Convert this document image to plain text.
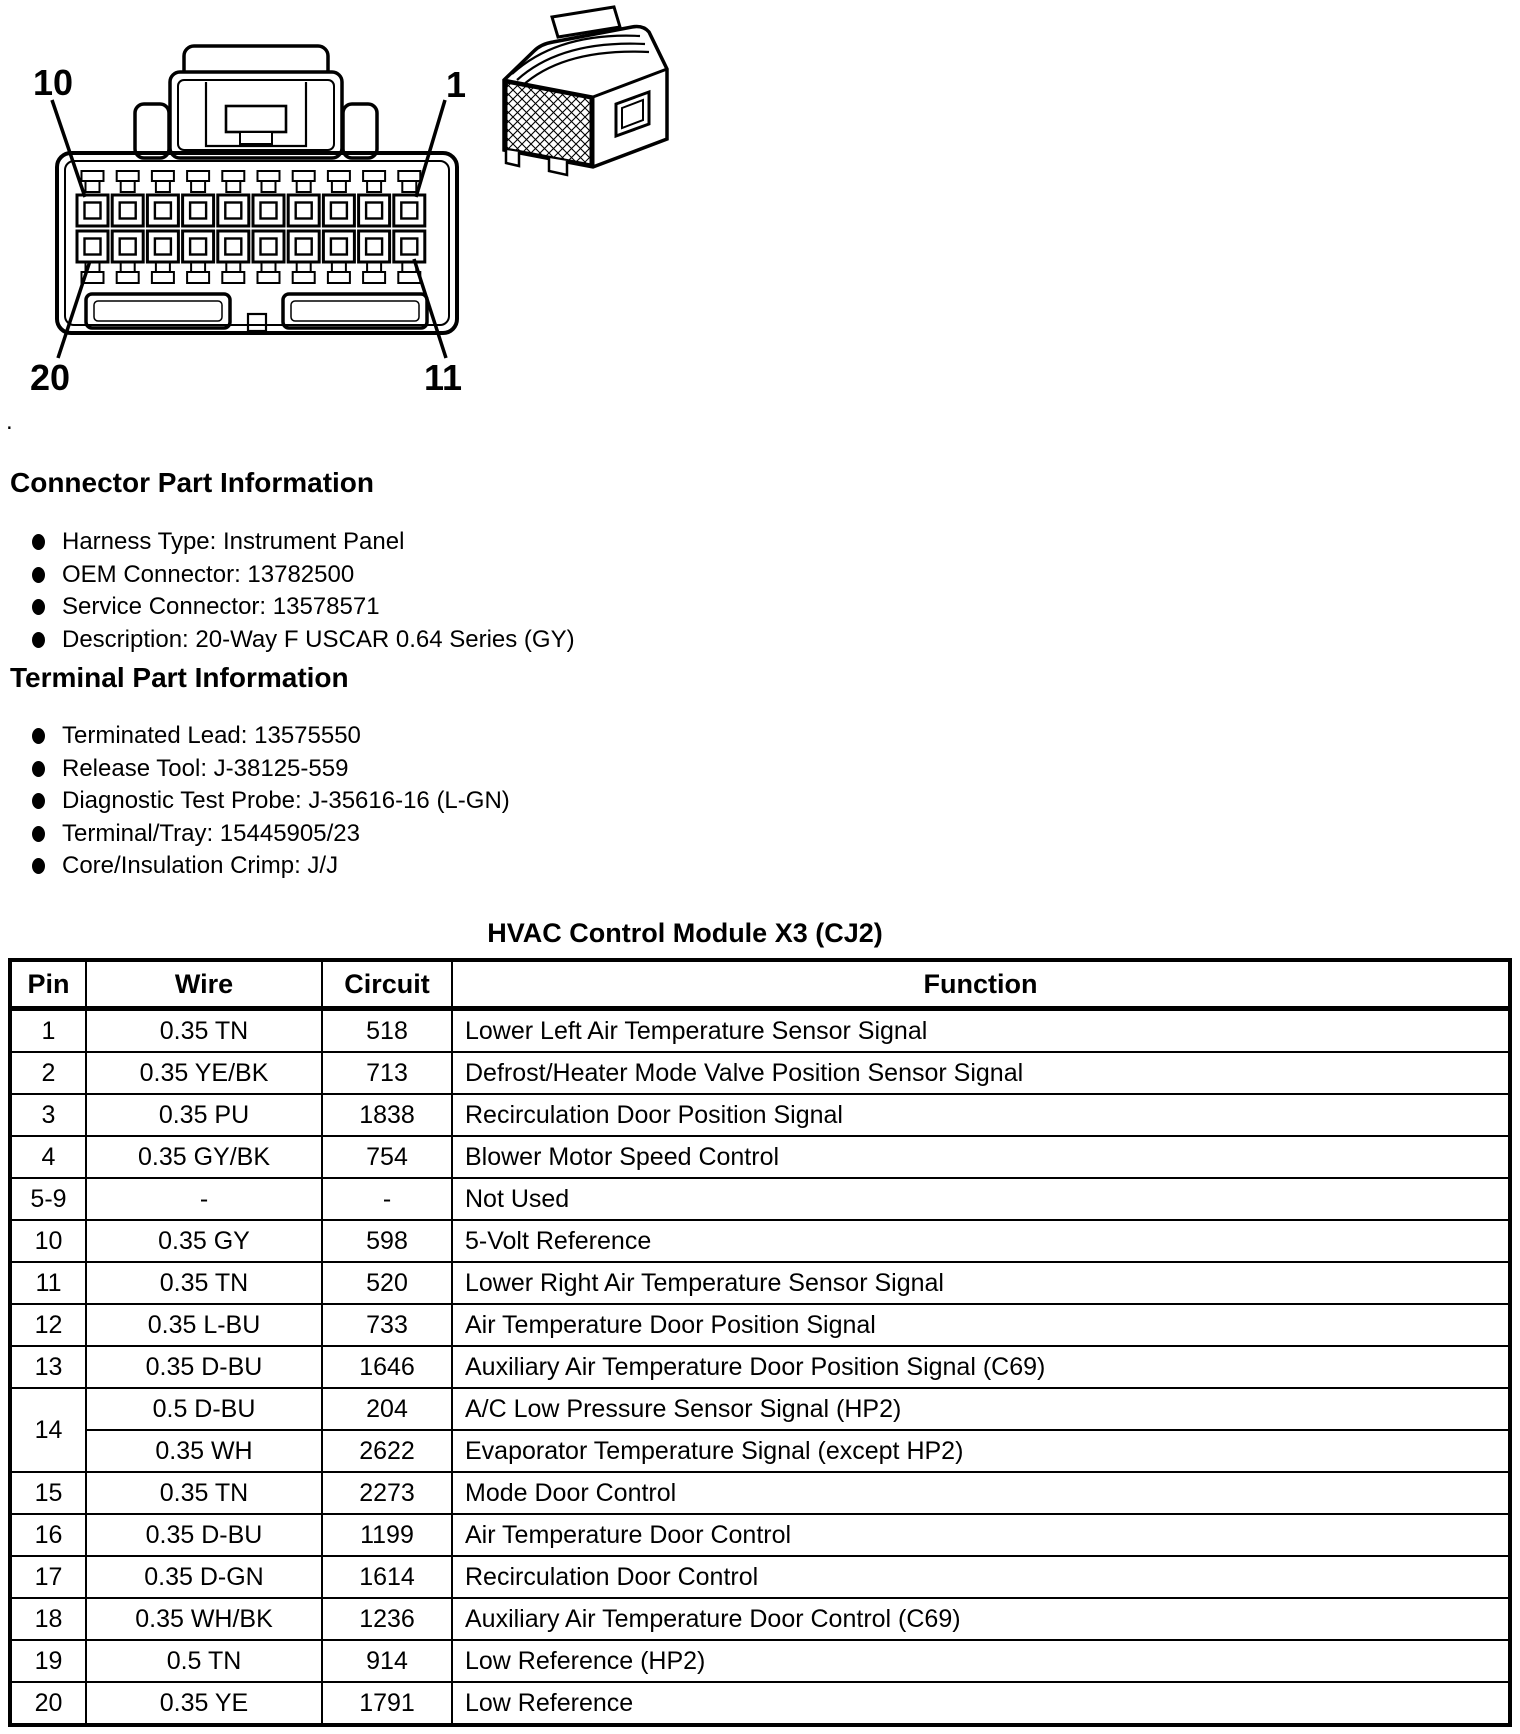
10	1
20	11
.
Connector Part Information
Harness Type: Instrument Panel
OEM Connector: 13782500
Service Connector: 13578571
Description: 20-Way F USCAR 0.64 Series (GY)
Terminal Part Information
Terminated Lead: 13575550
Release Tool: J-38125-559
Diagnostic Test Probe: J-35616-16 (L-GN)
Terminal/Tray: 15445905/23
Core/Insulation Crimp: J/J
HVAC Control Module X3 (CJ2)
Pin	Wire	Circuit	Function
1	0.35 TN	518	Lower Left Air Temperature Sensor Signal
2	0.35 YE/BK	713	Defrost/Heater Mode Valve Position Sensor Signal
3	0.35 PU	1838	Recirculation Door Position Signal
4	0.35 GY/BK	754	Blower Motor Speed Control
5-9	-	-	Not Used
10	0.35 GY	598	5-Volt Reference
11	0.35 TN	520	Lower Right Air Temperature Sensor Signal
12	0.35 L-BU	733	Air Temperature Door Position Signal
13	0.35 D-BU	1646	Auxiliary Air Temperature Door Position Signal (C69)
14	0.5 D-BU	204	A/C Low Pressure Sensor Signal (HP2)
	0.35 WH	2622	Evaporator Temperature Signal (except HP2)
15	0.35 TN	2273	Mode Door Control
16	0.35 D-BU	1199	Air Temperature Door Control
17	0.35 D-GN	1614	Recirculation Door Control
18	0.35 WH/BK	1236	Auxiliary Air Temperature Door Control (C69)
19	0.5 TN	914	Low Reference (HP2)
20	0.35 YE	1791	Low Reference
